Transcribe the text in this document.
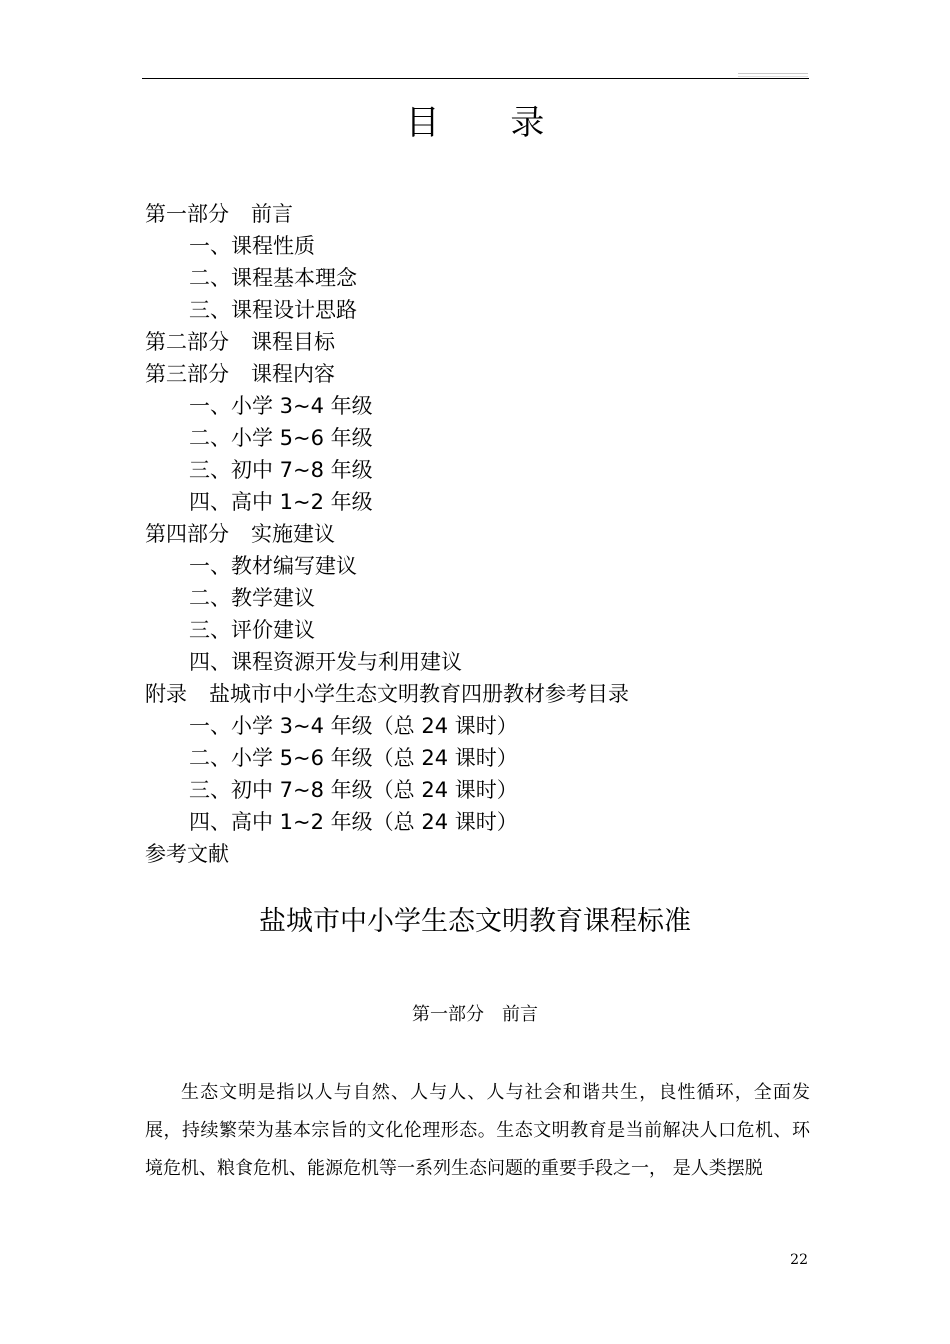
目 录
第一部分 前言
一、课程性质
二、课程基本理念
三、课程设计思路
第二部分 课程目标
第三部分 课程内容
一、小学 3~4 年级
二、小学 5~6 年级
三、初中 7~8 年级
四、高中 1~2 年级
第四部分 实施建议
一、教材编写建议
二、教学建议
三、评价建议
四、课程资源开发与利用建议
附录 盐城市中小学生态文明教育四册教材参考目录
一、小学 3~4 年级（总 24 课时）
二、小学 5~6 年级（总 24 课时）
三、初中 7~8 年级（总 24 课时）
四、高中 1~2 年级（总 24 课时）
参考文献
盐城市中小学生态文明教育课程标准
第一部分 前言

生态文明是指以人与自然、人与人、人与社会和谐共生，良性循环，全面发展，持续繁荣为基本宗旨的文化伦理形态。生态文明教育是当前解决人口危机、环境危机、粮食危机、能源危机等一系列生态问题的重要手段之一， 是人类摆脱

22
